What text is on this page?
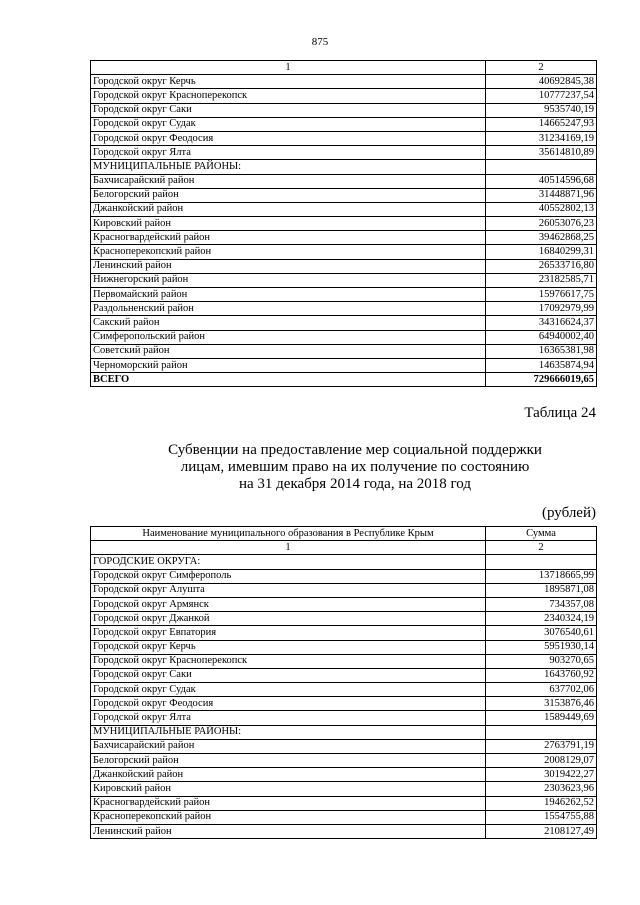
875
1	2
Городской округ Керчь	40692845,38
Городской округ Красноперекопск	10777237,54
Городской округ Саки	9535740,19
Городской округ Судак	14665247,93
Городской округ Феодосия	31234169,19
Городской округ Ялта	35614810,89
МУНИЦИПАЛЬНЫЕ РАЙОНЫ:	
Бахчисарайский район	40514596,68
Белогорский район	31448871,96
Джанкойский район	40552802,13
Кировский район	26053076,23
Красногвардейский район	39462868,25
Красноперекопский район	16840299,31
Ленинский район	26533716,80
Нижнегорский район	23182585,71
Первомайский район	15976617,75
Раздольненский район	17092979,99
Сакский район	34316624,37
Симферопольский район	64940002,40
Советский район	16365381,98
Черноморский район	14635874,94
ВСЕГО	729666019,65
Таблица 24
Субвенции на предоставление мер социальной поддержки
лицам, имевшим право на их получение по состоянию
на 31 декабря 2014 года, на 2018 год
(рублей)
Наименование муниципального образования в Республике Крым	Сумма
1	2
ГОРОДСКИЕ ОКРУГА:	
Городской округ Симферополь	13718665,99
Городской округ Алушта	1895871,08
Городской округ Армянск	734357,08
Городской округ Джанкой	2340324,19
Городской округ Евпатория	3076540,61
Городской округ Керчь	5951930,14
Городской округ Красноперекопск	903270,65
Городской округ Саки	1643760,92
Городской округ Судак	637702,06
Городской округ Феодосия	3153876,46
Городской округ Ялта	1589449,69
МУНИЦИПАЛЬНЫЕ РАЙОНЫ:	
Бахчисарайский район	2763791,19
Белогорский район	2008129,07
Джанкойский район	3019422,27
Кировский район	2303623,96
Красногвардейский район	1946262,52
Красноперекопский район	1554755,88
Ленинский район	2108127,49
